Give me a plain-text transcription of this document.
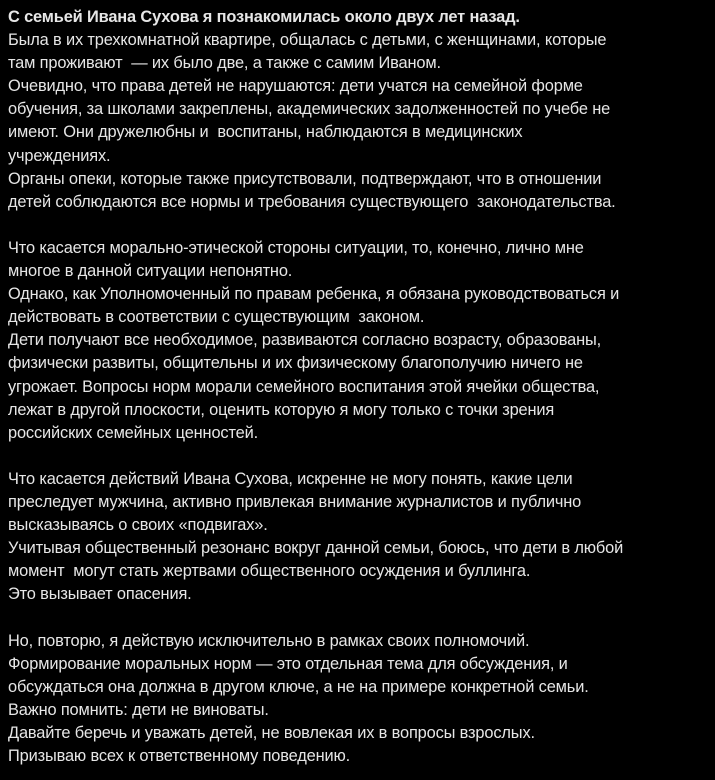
С семьей Ивана Сухова я познакомилась около двух лет назад.
Была в их трехкомнатной квартире, общалась с детьми, с женщинами, которые
там проживают  — их было две, а также с самим Иваном.
Очевидно, что права детей не нарушаются: дети учатся на семейной форме
обучения, за школами закреплены, академических задолженностей по учебе не
имеют. Они дружелюбны и  воспитаны, наблюдаются в медицинских
учреждениях.
Органы опеки, которые также присутствовали, подтверждают, что в отношении
детей соблюдаются все нормы и требования существующего  законодательства.
Что касается морально-этической стороны ситуации, то, конечно, лично мне
многое в данной ситуации непонятно.
Однако, как Уполномоченный по правам ребенка, я обязана руководствоваться и
действовать в соответствии с существующим  законом.
Дети получают все необходимое, развиваются согласно возрасту, образованы,
физически развиты, общительны и их физическому благополучию ничего не
угрожает. Вопросы норм морали семейного воспитания этой ячейки общества,
лежат в другой плоскости, оценить которую я могу только с точки зрения
российских семейных ценностей.
Что касается действий Ивана Сухова, искренне не могу понять, какие цели
преследует мужчина, активно привлекая внимание журналистов и публично
высказываясь о своих «подвигах».
Учитывая общественный резонанс вокруг данной семьи, боюсь, что дети в любой
момент  могут стать жертвами общественного осуждения и буллинга.
Это вызывает опасения.
Но, повторю, я действую исключительно в рамках своих полномочий.
Формирование моральных норм — это отдельная тема для обсуждения, и
обсуждаться она должна в другом ключе, а не на примере конкретной семьи.
Важно помнить: дети не виноваты.
Давайте беречь и уважать детей, не вовлекая их в вопросы взрослых.
Призываю всех к ответственному поведению.
